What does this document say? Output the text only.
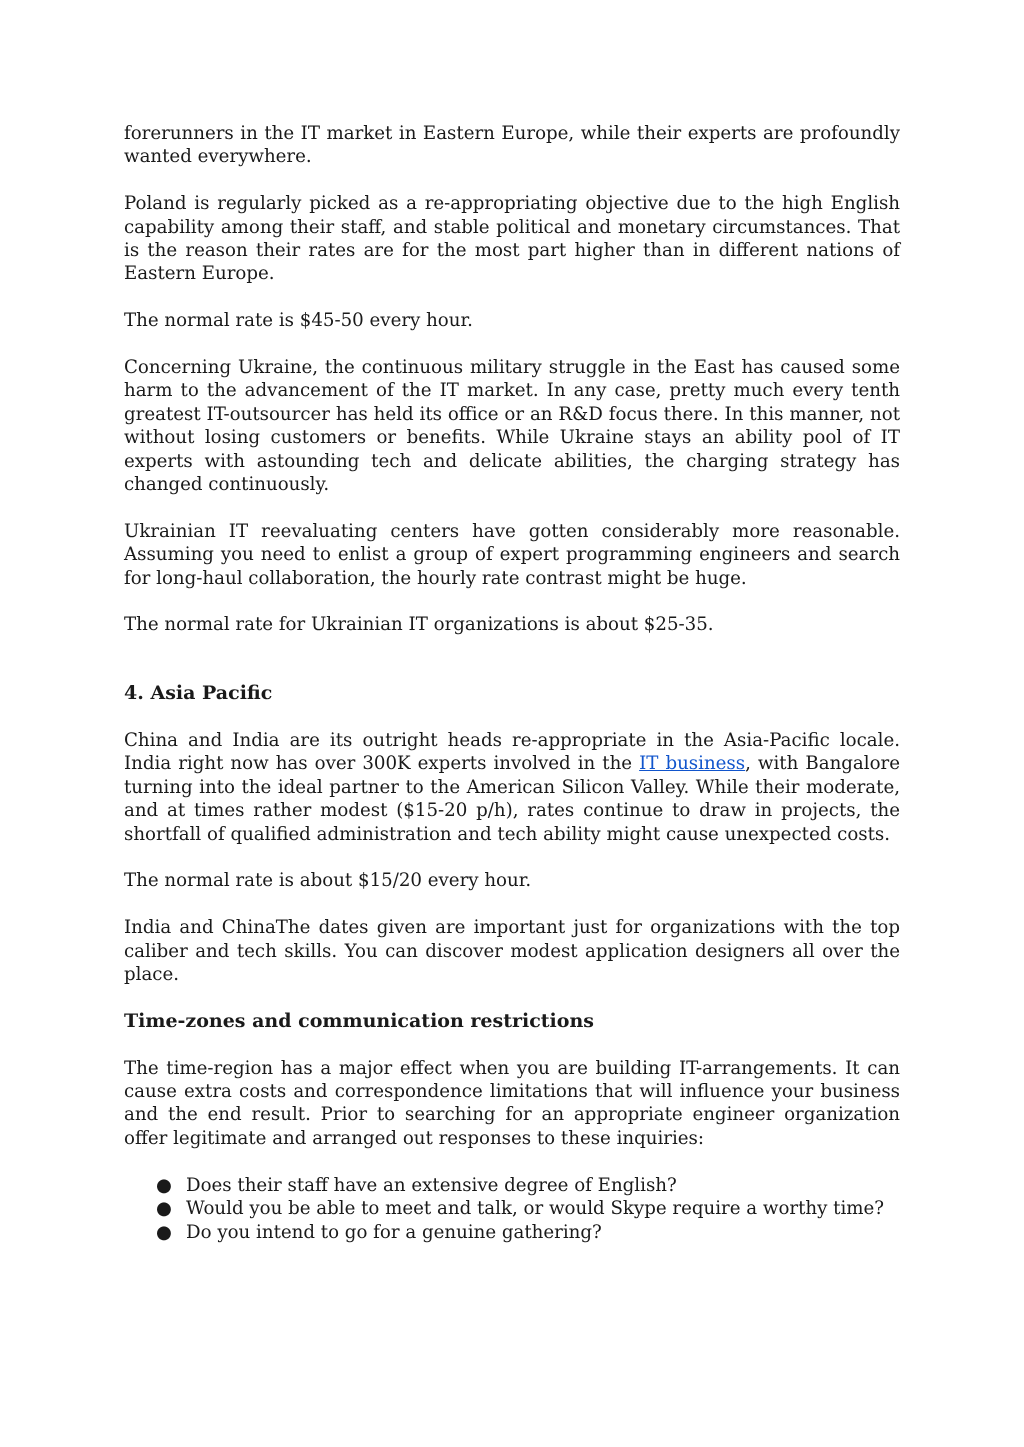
forerunners in the IT market in Eastern Europe, while their experts are profoundly wanted everywhere.

Poland is regularly picked as a re-appropriating objective due to the high English capability among their staff, and stable political and monetary circumstances. That is the reason their rates are for the most part higher than in different nations of Eastern Europe.

The normal rate is $45-50 every hour.

Concerning Ukraine, the continuous military struggle in the East has caused some harm to the advancement of the IT market. In any case, pretty much every tenth greatest IT-outsourcer has held its office or an R&D focus there. In this manner, not without losing customers or benefits. While Ukraine stays an ability pool of IT experts with astounding tech and delicate abilities, the charging strategy has changed continuously.

Ukrainian IT reevaluating centers have gotten considerably more reasonable. Assuming you need to enlist a group of expert programming engineers and search for long-haul collaboration, the hourly rate contrast might be huge.

The normal rate for Ukrainian IT organizations is about $25-35.

4. Asia Pacific

China and India are its outright heads re-appropriate in the Asia-Pacific locale. India right now has over 300K experts involved in the IT business, with Bangalore turning into the ideal partner to the American Silicon Valley. While their moderate, and at times rather modest ($15-20 p/h), rates continue to draw in projects, the shortfall of qualified administration and tech ability might cause unexpected costs.

The normal rate is about $15/20 every hour.

India and ChinaThe dates given are important just for organizations with the top caliber and tech skills. You can discover modest application designers all over the place.

Time-zones and communication restrictions

The time-region has a major effect when you are building IT-arrangements. It can cause extra costs and correspondence limitations that will influence your business and the end result. Prior to searching for an appropriate engineer organization offer legitimate and arranged out responses to these inquiries:

● Does their staff have an extensive degree of English?
● Would you be able to meet and talk, or would Skype require a worthy time?
● Do you intend to go for a genuine gathering?
